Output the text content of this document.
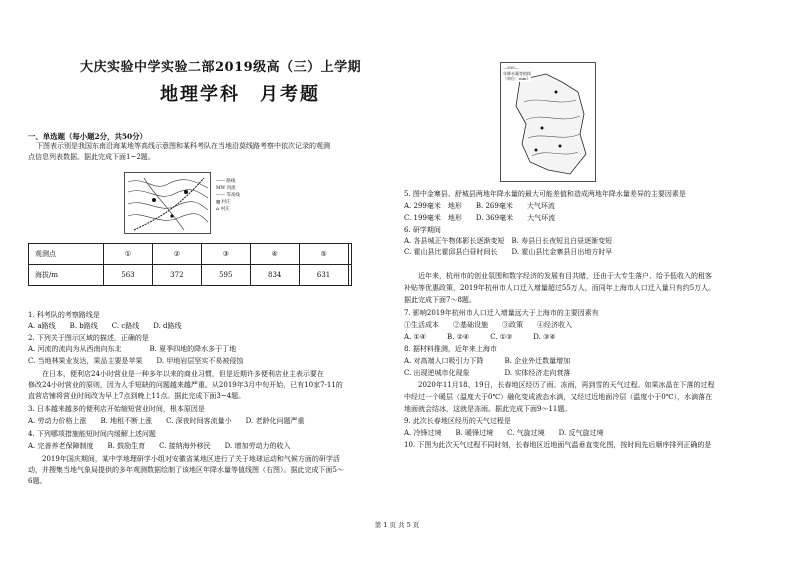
大庆实验中学实验二部2019级高（三）上学期
地理学科　月考题
一、单选题（每小题2分，共50分）
下图表示别是我国东南沿海某地等高线示意图和某科考队在当地沿莫线路考察中依次记录的观测
点信息列表数据。据此完成下面1~2题。
—— 路线
MW 河流
—— 等高线
▨ 村庄
⌂ 村庄
观测点	①	②	③	④	⑤	
海拔/m	563	372	595	834	631	
1. 科考队的考察路线是
A. a路线　　B. b路线　　C. c路线　　D. d路线
2. 下列关于图示区域的描述，正确的是
A. 河流的流向为从西南向东北　　　　B. 夏季四地的降水多于丁地
C. 当地林果业发达，果品主要是苹果　　D. 甲地岩层坚实不易被侵蚀
　　在日本，便利店24小时营业是一种多年以来的商业习惯，但是近期许多便利店业主表示要在
修改24小时营业的原则，因为人手短缺的问题越来越严重。从2019年3月中旬开始，已有10家7-11的
直营店铺将营业时间改为早上7点到晚上11点。据此完成下面3~4题。
3. 日本越来越多的便利店开始缩短营业时间，根本原因是
A. 劳动力价格上涨　　B. 地租不断上涨　　C. 深夜时间客流量小　　D. 老龄化问题严重
4. 下列哪项措施能短时间内缓解上述问题
A. 完善养老保障制度　　B. 鼓励生育　　C. 接纳海外移民　　D. 增加劳动力的收入
　　2019年国庆期间，某中学地理研学小组对安徽省某地区进行了关于地球运动和气候方面的研学活
动，并搜集当地气象局提供的多年观测数据绘制了该地区年降水量等值线图（右图）。据此完成下面5～
6题。
—300—
年降水量等值线
（单位：mm）
5. 图中金寨县、舒城县两地年降水量的最大可能差值和造成两地年降水量差异的主要因素是
A. 299毫米　地形　　B. 269毫米　　大气环流
C. 199毫米　地形　　D. 369毫米　　大气环流
6. 研学期间
A. 各县城正午物体影长逐渐变短　B. 寿县日长夜短且白昼逐渐变短
C. 霍山县比霍邱县白昼时间长　　D. 霍山县比金寨县日出地方时早
　　近年来，杭州市的创业氛围和数字经济的发展有目共睹，还由于大专生落户、给予低收入的租客
补贴等优惠政策，2019年杭州市人口迁入增量超过55万人，而同年上海市人口迁入量只有约5万人。
据此完成下面7～8题。
7. 影响2019年杭州市人口迁入增量远大于上海市的主要因素有
①生活成本　　②基础设施　　③政策　　④经济收入
A. ①④　　　B. ②④　　　C. ①③　　　D. ③④
8. 据材料推测，近年来上海市
A. 对高端人口吸引力下降　　　B. 企业外迁数量增加
C. 出现逆城市化现象　　　　　D. 实体经济走向衰落
　　2020年11月18、19日，长春地区经历了雨、冻雨，再到雪的天气过程。如果冰晶在下落的过程
中经过一个暖层（温度大于0℃）融化变成液态水滴，又经过近地面冷层（温度小于0℃），水滴落在
地面就会结冰，这就是冻雨。据此完成下面9～11题。
9. 此次长春地区经历的天气过程是
A. 冷锋过境　　B. 暖锋过境　　C. 气旋过境　　D. 反气旋过境
10. 下图为此次天气过程不同时刻，长春地区近地面气温垂直变化图，按时间先后顺序排列正确的是
第 1 页 共 5 页
